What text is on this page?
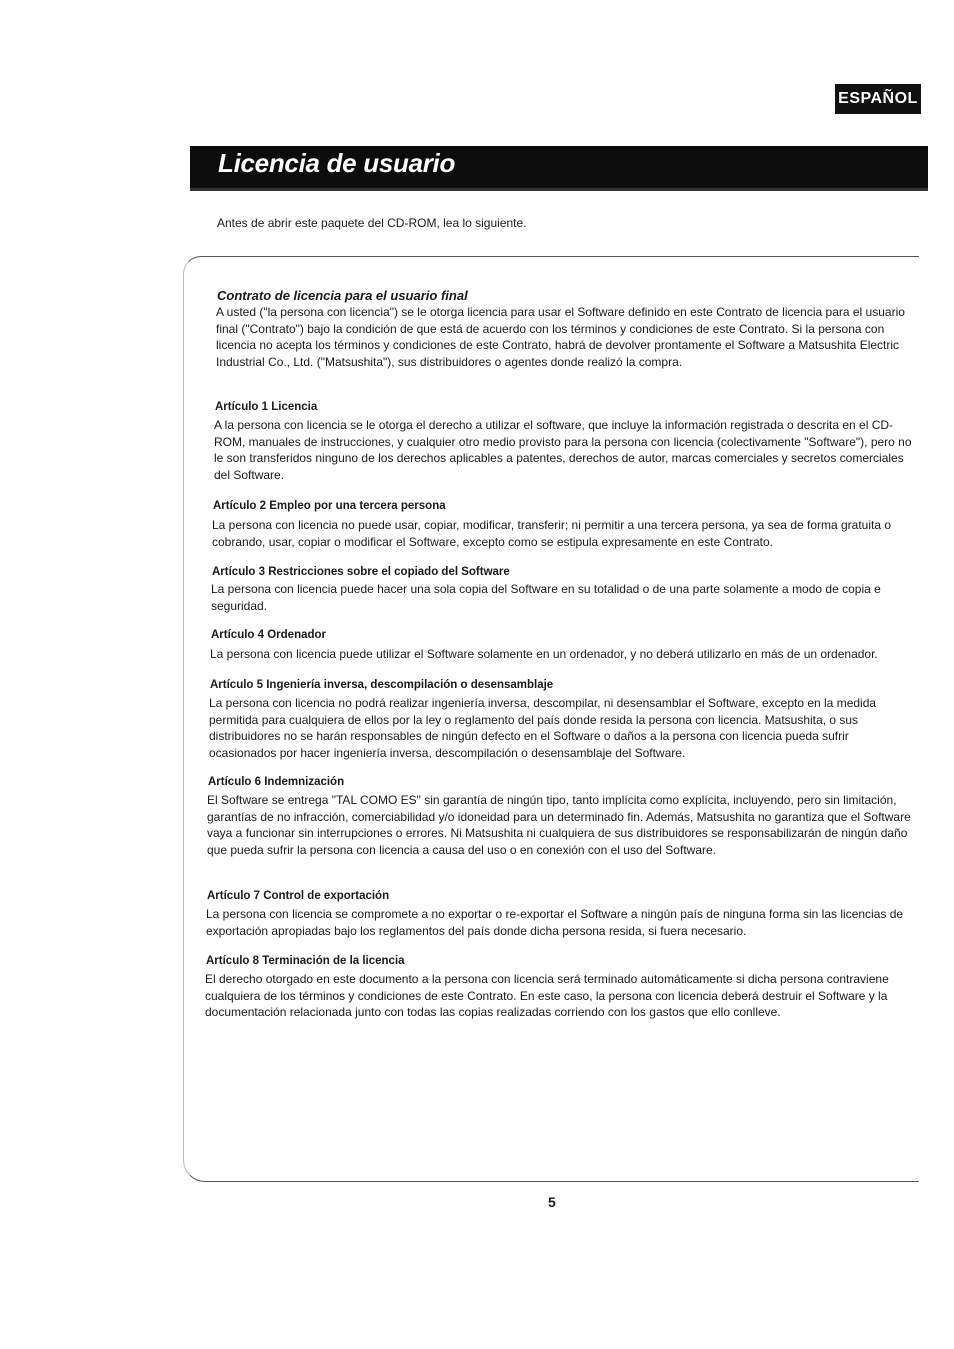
ESPAÑOL
Licencia de usuario
Antes de abrir este paquete del CD-ROM, lea lo siguiente.
Contrato de licencia para el usuario final

A usted ("la persona con licencia") se le otorga licencia para usar el Software definido en este Contrato de licencia para el usuario final ("Contrato") bajo la condición de que está de acuerdo con los términos y condiciones de este Contrato. Si la persona con licencia no acepta los términos y condiciones de este Contrato, habrá de devolver prontamente el Software a Matsushita Electric Industrial Co., Ltd. ("Matsushita"), sus distribuidores o agentes donde realizó la compra.

Artículo 1 Licencia

A la persona con licencia se le otorga el derecho a utilizar el software, que incluye la información registrada o descrita en el CD-ROM, manuales de instrucciones, y cualquier otro medio provisto para la persona con licencia (colectivamente "Software"), pero no le son transferidos ninguno de los derechos aplicables a patentes, derechos de autor, marcas comerciales y secretos comerciales del Software.

Artículo 2 Empleo por una tercera persona

La persona con licencia no puede usar, copiar, modificar, transferir; ni permitir a una tercera persona, ya sea de forma gratuita o cobrando, usar, copiar o modificar el Software, excepto como se estipula expresamente en este Contrato.

Artículo 3 Restricciones sobre el copiado del Software

La persona con licencia puede hacer una sola copia del Software en su totalidad o de una parte solamente a modo de copia e seguridad.

Artículo 4 Ordenador

La persona con licencia puede utilizar el Software solamente en un ordenador, y no deberá utilizarlo en más de un ordenador.

Artículo 5 Ingeniería inversa, descompilación o desensamblaje

La persona con licencia no podrá realizar ingeniería inversa, descompilar, ni desensamblar el Software, excepto en la medida permitida para cualquiera de ellos por la ley o reglamento del país donde resida la persona con licencia. Matsushita, o sus distribuidores no se harán responsables de ningún defecto en el Software o daños a la persona con licencia pueda sufrir ocasionados por hacer ingeniería inversa, descompilación o desensamblaje del Software.

Artículo 6 Indemnización

El Software se entrega "TAL COMO ES" sin garantía de ningún tipo, tanto implícita como explícita, incluyendo, pero sin limitación, garantías de no infracción, comerciabilidad y/o idoneidad para un determinado fin. Además, Matsushita no garantiza que el Software vaya a funcionar sin interrupciones o errores. Ni Matsushita ni cualquiera de sus distribuidores se responsabilizarán de ningún daño que pueda sufrir la persona con licencia a causa del uso o en conexión con el uso del Software.

Artículo 7 Control de exportación

La persona con licencia se compromete a no exportar o re-exportar el Software a ningún país de ninguna forma sin las licencias de exportación apropiadas bajo los reglamentos del país donde dicha persona resida, si fuera necesario.

Artículo 8 Terminación de la licencia

El derecho otorgado en este documento a la persona con licencia será terminado automáticamente si dicha persona contraviene cualquiera de los términos y condiciones de este Contrato. En este caso, la persona con licencia deberá destruir el Software y la documentación relacionada junto con todas las copias realizadas corriendo con los gastos que ello conlleve.

5
